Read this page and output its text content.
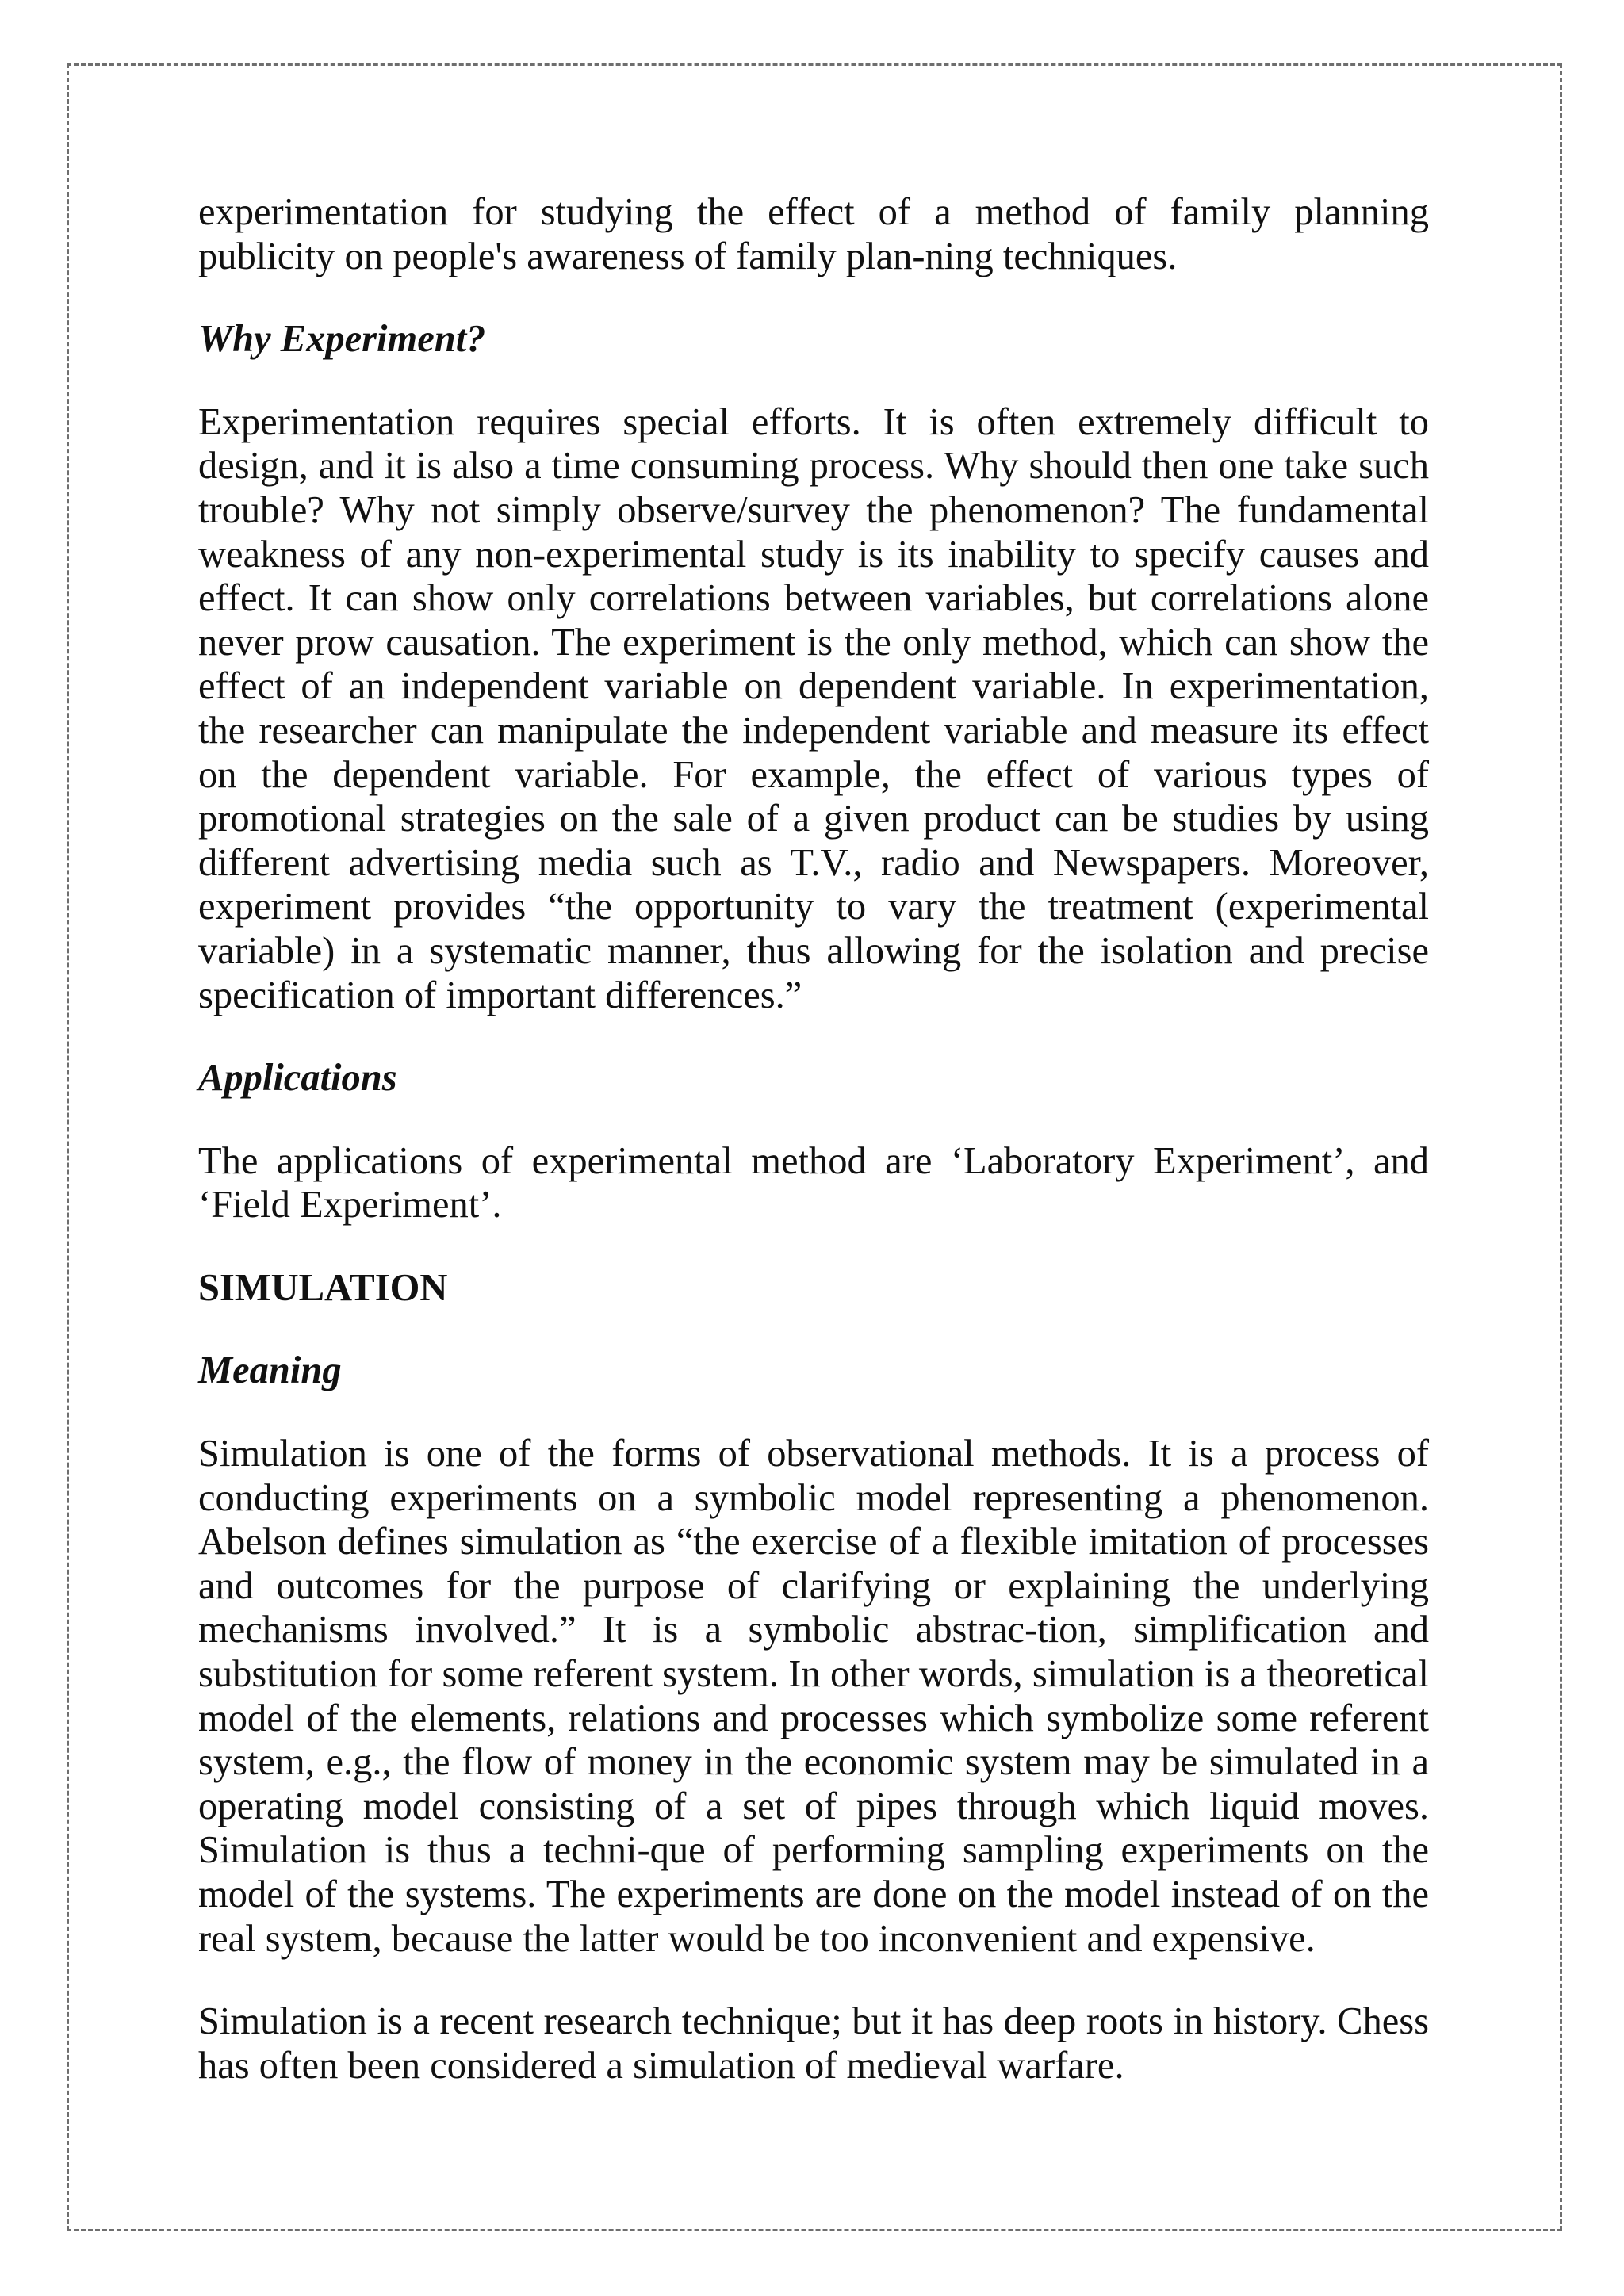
experimentation for studying the effect of a method of family planning publicity on people's awareness of family plan-ning techniques.

Why Experiment?

Experimentation requires special efforts. It is often extremely difficult to design, and it is also a time consuming process. Why should then one take such trouble? Why not simply observe/survey the phenomenon? The fundamental weakness of any non-experimental study is its inability to specify causes and effect. It can show only correlations between variables, but correlations alone never prow causation. The experiment is the only method, which can show the effect of an independent variable on dependent variable. In experimentation, the researcher can manipulate the independent variable and measure its effect on the dependent variable. For example, the effect of various types of promotional strategies on the sale of a given product can be studies by using different advertising media such as T.V., radio and Newspapers. Moreover, experiment provides “the opportunity to vary the treatment (experimental variable) in a systematic manner, thus allowing for the isolation and precise specification of important differences.”

Applications

The applications of experimental method are ‘Laboratory Experiment’, and ‘Field Experiment’.

SIMULATION
Meaning

Simulation is one of the forms of observational methods. It is a process of conducting experiments on a symbolic model representing a phenomenon. Abelson defines simulation as “the exercise of a flexible imitation of processes and outcomes for the purpose of clarifying or explaining the underlying mechanisms involved.” It is a symbolic abstrac-tion, simplification and substitution for some referent system. In other words, simulation is a theoretical model of the elements, relations and processes which symbolize some referent system, e.g., the flow of money in the economic system may be simulated in a operating model consisting of a set of pipes through which liquid moves. Simulation is thus a techni-que of performing sampling experiments on the model of the systems. The experiments are done on the model instead of on the real system, because the latter would be too inconvenient and expensive.

Simulation is a recent research technique; but it has deep roots in history. Chess has often been considered a simulation of medieval warfare.
